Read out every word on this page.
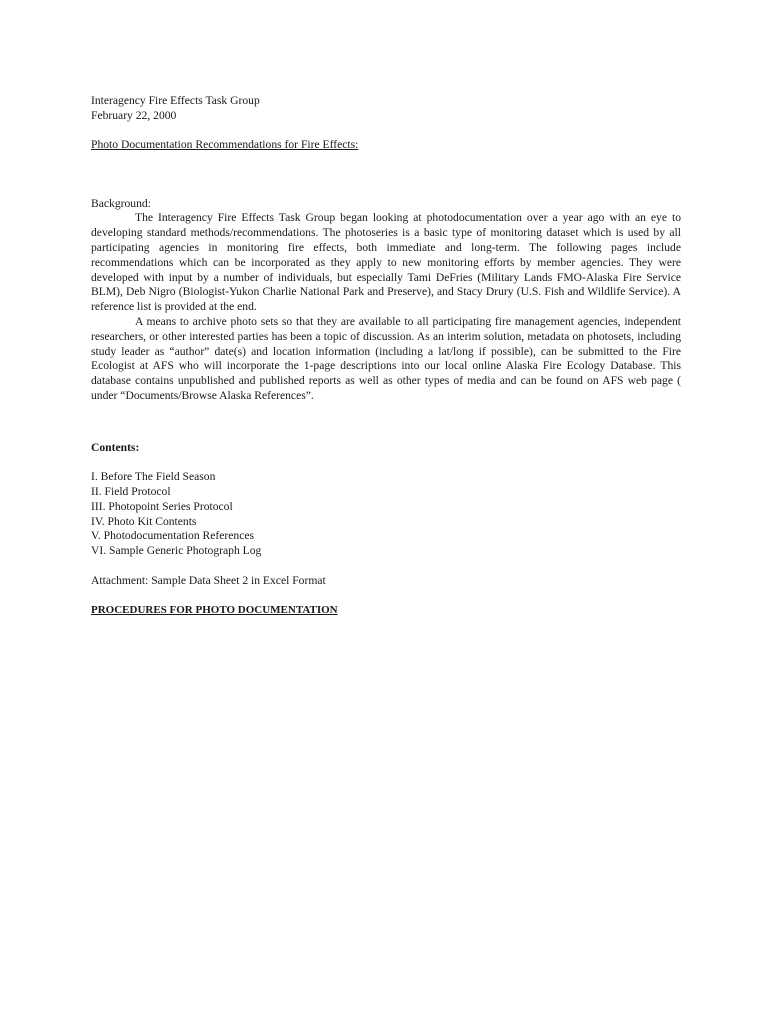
Interagency Fire Effects Task Group
February 22, 2000
Photo Documentation Recommendations for Fire Effects:
Background:

The Interagency Fire Effects Task Group began looking at photodocumentation over a year ago with an eye to developing standard methods/recommendations. The photoseries is a basic type of monitoring dataset which is used by all participating agencies in monitoring fire effects, both immediate and long-term. The following pages include recommendations which can be incorporated as they apply to new monitoring efforts by member agencies. They were developed with input by a number of individuals, but especially Tami DeFries (Military Lands FMO-Alaska Fire Service BLM), Deb Nigro (Biologist-Yukon Charlie National Park and Preserve), and Stacy Drury (U.S. Fish and Wildlife Service). A reference list is provided at the end.

A means to archive photo sets so that they are available to all participating fire management agencies, independent researchers, or other interested parties has been a topic of discussion. As an interim solution, metadata on photosets, including study leader as “author” date(s) and location information (including a lat/long if possible), can be submitted to the Fire Ecologist at AFS who will incorporate the 1-page descriptions into our local online Alaska Fire Ecology Database. This database contains unpublished and published reports as well as other types of media and can be found on AFS web page ( under “Documents/Browse Alaska References”.

Contents:
I. Before The Field Season
II. Field Protocol
III. Photopoint Series Protocol
IV. Photo Kit Contents
V. Photodocumentation References
VI. Sample Generic Photograph Log
Attachment: Sample Data Sheet 2 in Excel Format
PROCEDURES FOR PHOTO DOCUMENTATION
